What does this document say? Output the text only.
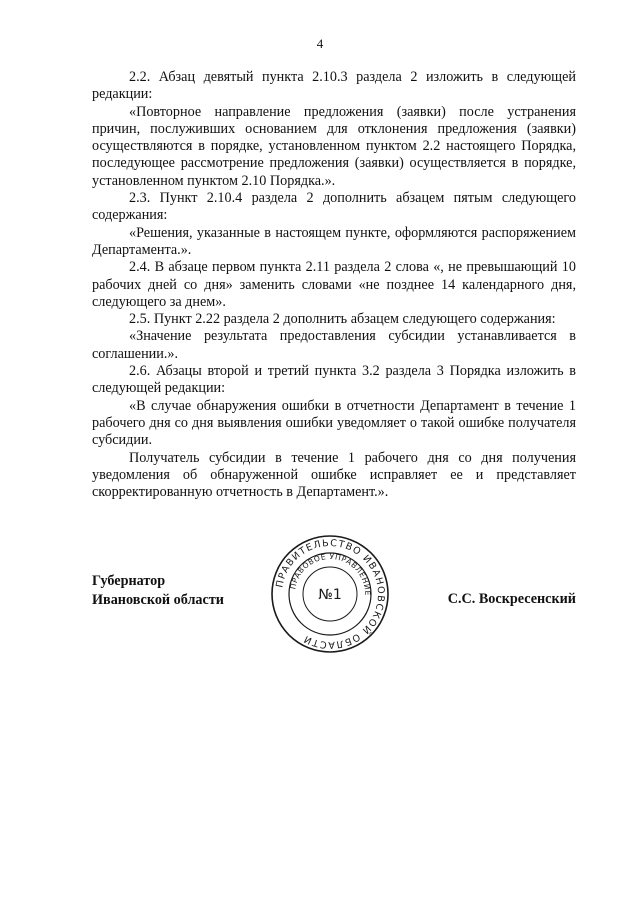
4

2.2. Абзац девятый пункта 2.10.3 раздела 2 изложить в следующей редакции:

«Повторное направление предложения (заявки) после устранения причин, послуживших основанием для отклонения предложения (заявки) осуществляются в порядке, установленном пунктом 2.2 настоящего Порядка, последующее рассмотрение предложения (заявки) осуществляется в порядке, установленном пунктом 2.10 Порядка.».

2.3. Пункт 2.10.4 раздела 2 дополнить абзацем пятым следующего содержания:

«Решения, указанные в настоящем пункте, оформляются распоряжением Департамента.».

2.4. В абзаце первом пункта 2.11 раздела 2 слова «, не превышающий 10 рабочих дней со дня» заменить словами «не позднее 14 календарного дня, следующего за днем».

2.5. Пункт 2.22 раздела 2 дополнить абзацем следующего содержания:

«Значение результата предоставления субсидии устанавливается в соглашении.».

2.6. Абзацы второй и третий пункта 3.2 раздела 3 Порядка изложить в следующей редакции:

«В случае обнаружения ошибки в отчетности Департамент в течение 1 рабочего дня со дня выявления ошибки уведомляет о такой ошибке получателя субсидии.

Получатель субсидии в течение 1 рабочего дня со дня получения уведомления об обнаруженной ошибке исправляет ее и представляет скорректированную отчетность в Департамент.».

Губернатор
Ивановской области	С.С. Воскресенский
ПРАВИТЕЛЬСТВО ИВАНОВСКОЙ ОБЛАСТИ
ПРАВОВОЕ УПРАВЛЕНИЕ
№1
